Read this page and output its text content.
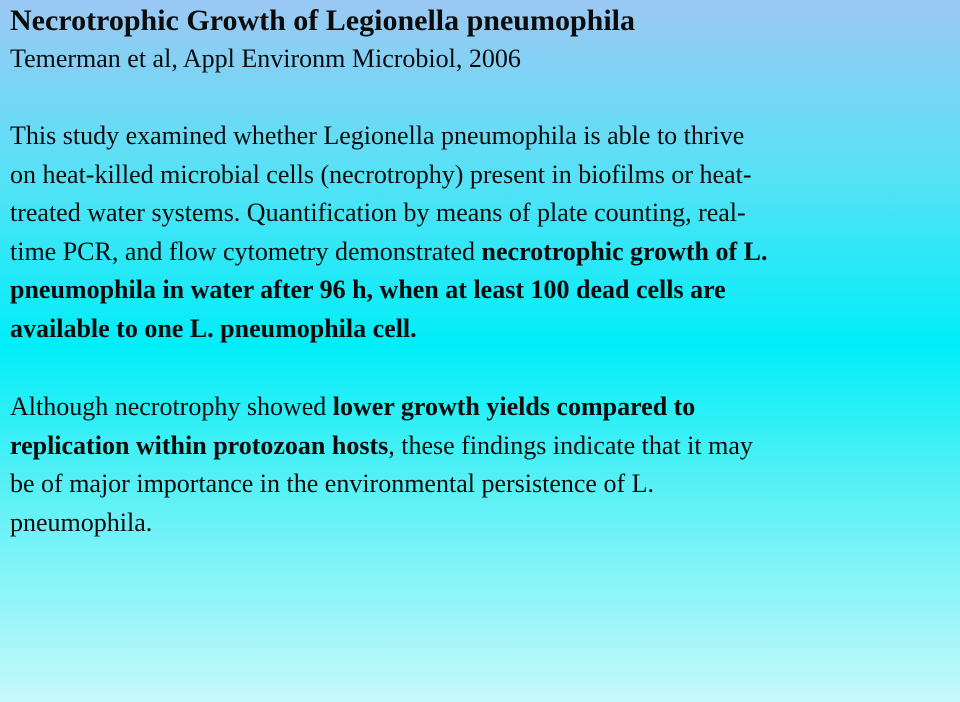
Necrotrophic Growth of Legionella pneumophila
Temerman et al, Appl Environm Microbiol, 2006
This study examined whether Legionella pneumophila is able to thrive
on heat-killed microbial cells (necrotrophy) present in biofilms or heat-
treated water systems. Quantification by means of plate counting, real-
time PCR, and flow cytometry demonstrated necrotrophic growth of L.
pneumophila in water after 96 h, when at least 100 dead cells are
available to one L. pneumophila cell.
Although necrotrophy showed lower growth yields compared to
replication within protozoan hosts, these findings indicate that it may
be of major importance in the environmental persistence of L.
pneumophila.
